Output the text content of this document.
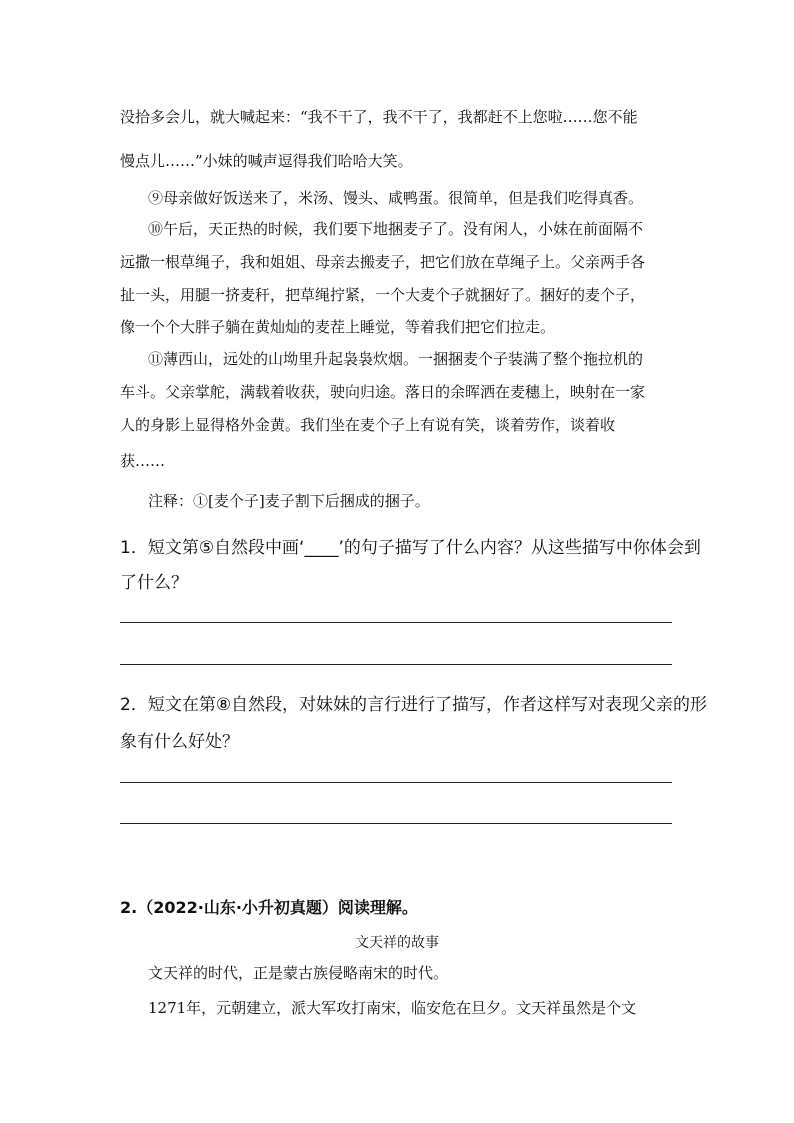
没拾多会儿，就大喊起来：“我不干了，我不干了，我都赶不上您啦……您不能
慢点儿……”小妹的喊声逗得我们哈哈大笑。
⑨母亲做好饭送来了，米汤、馒头、咸鸭蛋。很简单，但是我们吃得真香。
⑩午后，天正热的时候，我们要下地捆麦子了。没有闲人，小妹在前面隔不
远撒一根草绳子，我和姐姐、母亲去搬麦子，把它们放在草绳子上。父亲两手各
扯一头，用腿一挤麦秆，把草绳拧紧，一个大麦个子就捆好了。捆好的麦个子，
像一个个大胖子躺在黄灿灿的麦茬上睡觉，等着我们把它们拉走。
⑪薄西山，远处的山坳里升起袅袅炊烟。一捆捆麦个子装满了整个拖拉机的
车斗。父亲掌舵，满载着收获，驶向归途。落日的余晖洒在麦穗上，映射在一家
人的身影上显得格外金黄。我们坐在麦个子上有说有笑，谈着劳作，谈着收
获……
注释：①[麦个子]麦子割下后捆成的捆子。
1．短文第⑤自然段中画‘____’的句子描写了什么内容？从这些描写中你体会到
了什么？
2．短文在第⑧自然段，对妹妹的言行进行了描写，作者这样写对表现父亲的形
象有什么好处？
2.（2022·山东·小升初真题）阅读理解。
文天祥的故事
文天祥的时代，正是蒙古族侵略南宋的时代。
1271年，元朝建立，派大军攻打南宋，临安危在旦夕。文天祥虽然是个文
